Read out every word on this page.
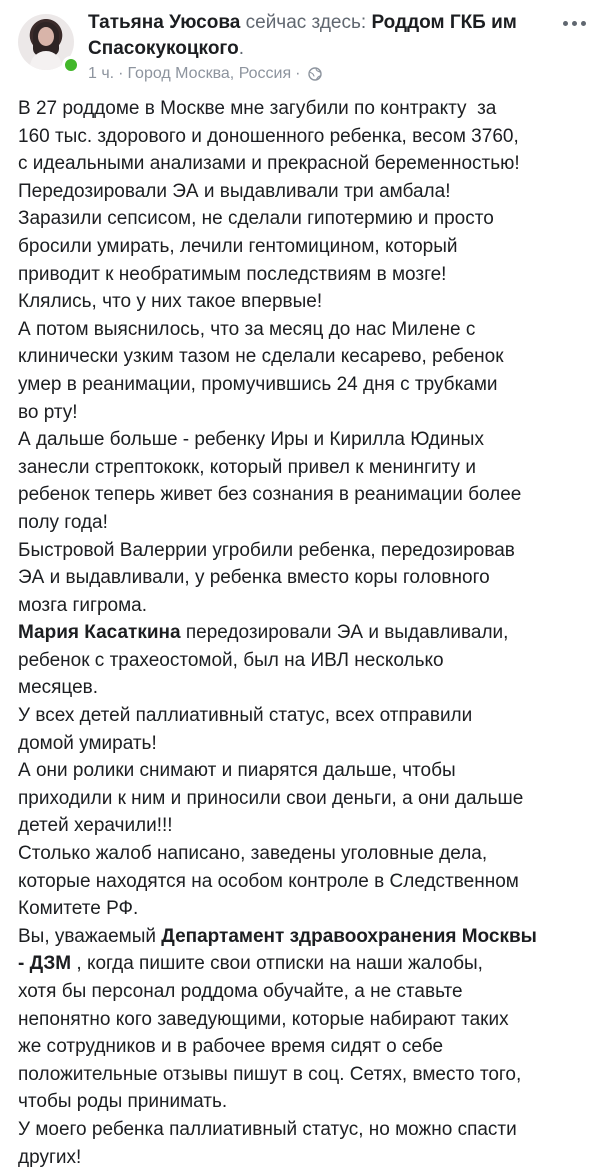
Татьяна Уюсова сейчас здесь: Роддом ГКБ им Спасокукоцкого.
1 ч. · Город Москва, Россия ·

В 27 роддоме в Москве мне загубили по контракту  за
160 тыс. здорового и доношенного ребенка, весом 3760,
с идеальными анализами и прекрасной беременностью!
Передозировали ЭА и выдавливали три амбала!
Заразили сепсисом, не сделали гипотермию и просто
бросили умирать, лечили гентомицином, который
приводит к необратимым последствиям в мозге!
Клялись, что у них такое впервые!
А потом выяснилось, что за месяц до нас Милене с
клинически узким тазом не сделали кесарево, ребенок
умер в реанимации, промучившись 24 дня с трубками
во рту!
А дальше больше - ребенку Иры и Кирилла Юдиных
занесли стрептококк, который привел к менингиту и
ребенок теперь живет без сознания в реанимации более
полу года!
Быстровой Валеррии угробили ребенка, передозировав
ЭА и выдавливали, у ребенка вместо коры головного
мозга гигрома.

Мария Касаткина передозировали ЭА и выдавливали,
ребенок с трахеостомой, был на ИВЛ несколько
месяцев.
У всех детей паллиативный статус, всех отправили
домой умирать!
А они ролики снимают и пиарятся дальше, чтобы
приходили к ним и приносили свои деньги, а они дальше
детей херачили!!!
Столько жалоб написано, заведены уголовные дела,
которые находятся на особом контроле в Следственном
Комитете РФ.
Вы, уважаемый Департамент здравоохранения Москвы
- ДЗМ , когда пишите свои отписки на наши жалобы,
хотя бы персонал роддома обучайте, а не ставьте
непонятно кого заведующими, которые набирают таких
же сотрудников и в рабочее время сидят о себе
положительные отзывы пишут в соц. Сетях, вместо того,
чтобы роды принимать.
У моего ребенка паллиативный статус, но можно спасти
других!
